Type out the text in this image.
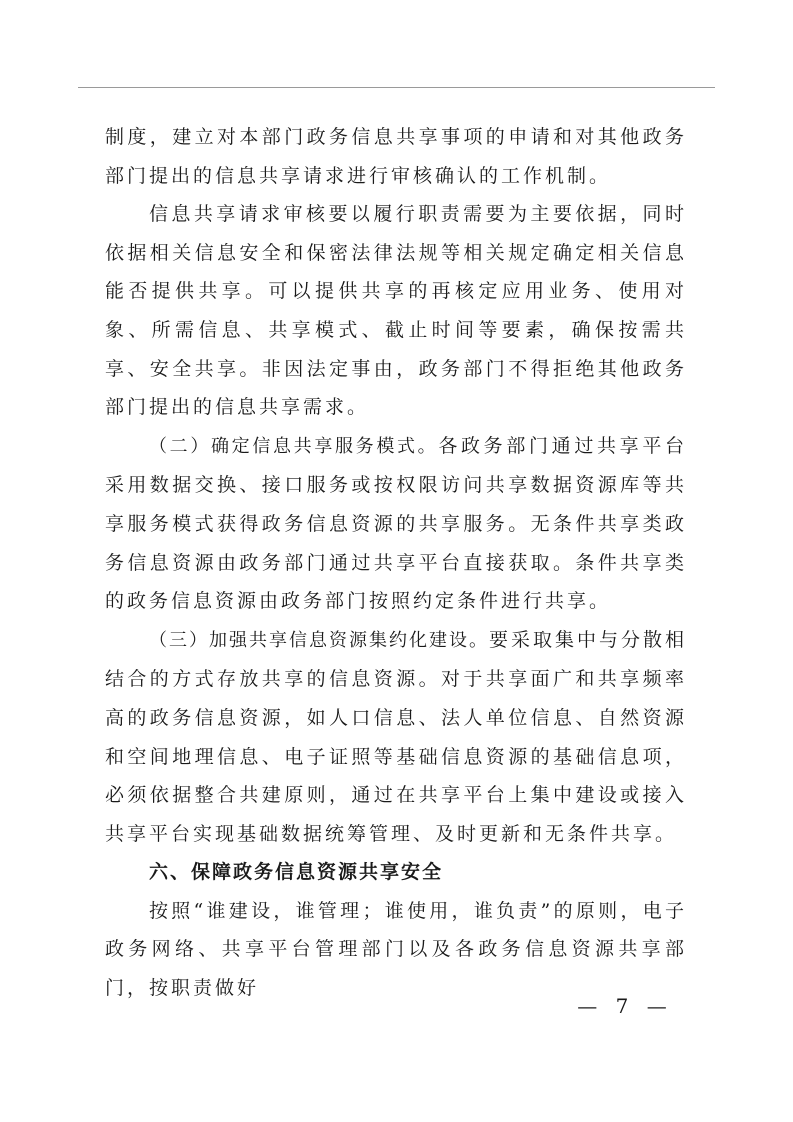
制度，建立对本部门政务信息共享事项的申请和对其他政务部门提出的信息共享请求进行审核确认的工作机制。

信息共享请求审核要以履行职责需要为主要依据，同时依据相关信息安全和保密法律法规等相关规定确定相关信息能否提供共享。可以提供共享的再核定应用业务、使用对象、所需信息、共享模式、截止时间等要素，确保按需共享、安全共享。非因法定事由，政务部门不得拒绝其他政务部门提出的信息共享需求。

（二）确定信息共享服务模式。各政务部门通过共享平台采用数据交换、接口服务或按权限访问共享数据资源库等共享服务模式获得政务信息资源的共享服务。无条件共享类政务信息资源由政务部门通过共享平台直接获取。条件共享类的政务信息资源由政务部门按照约定条件进行共享。

（三）加强共享信息资源集约化建设。要采取集中与分散相结合的方式存放共享的信息资源。对于共享面广和共享频率高的政务信息资源，如人口信息、法人单位信息、自然资源和空间地理信息、电子证照等基础信息资源的基础信息项，必须依据整合共建原则，通过在共享平台上集中建设或接入共享平台实现基础数据统筹管理、及时更新和无条件共享。

六、保障政务信息资源共享安全

按照“谁建设，谁管理；谁使用，谁负责”的原则，电子政务网络、共享平台管理部门以及各政务信息资源共享部门，按职责做好

— 7 —
